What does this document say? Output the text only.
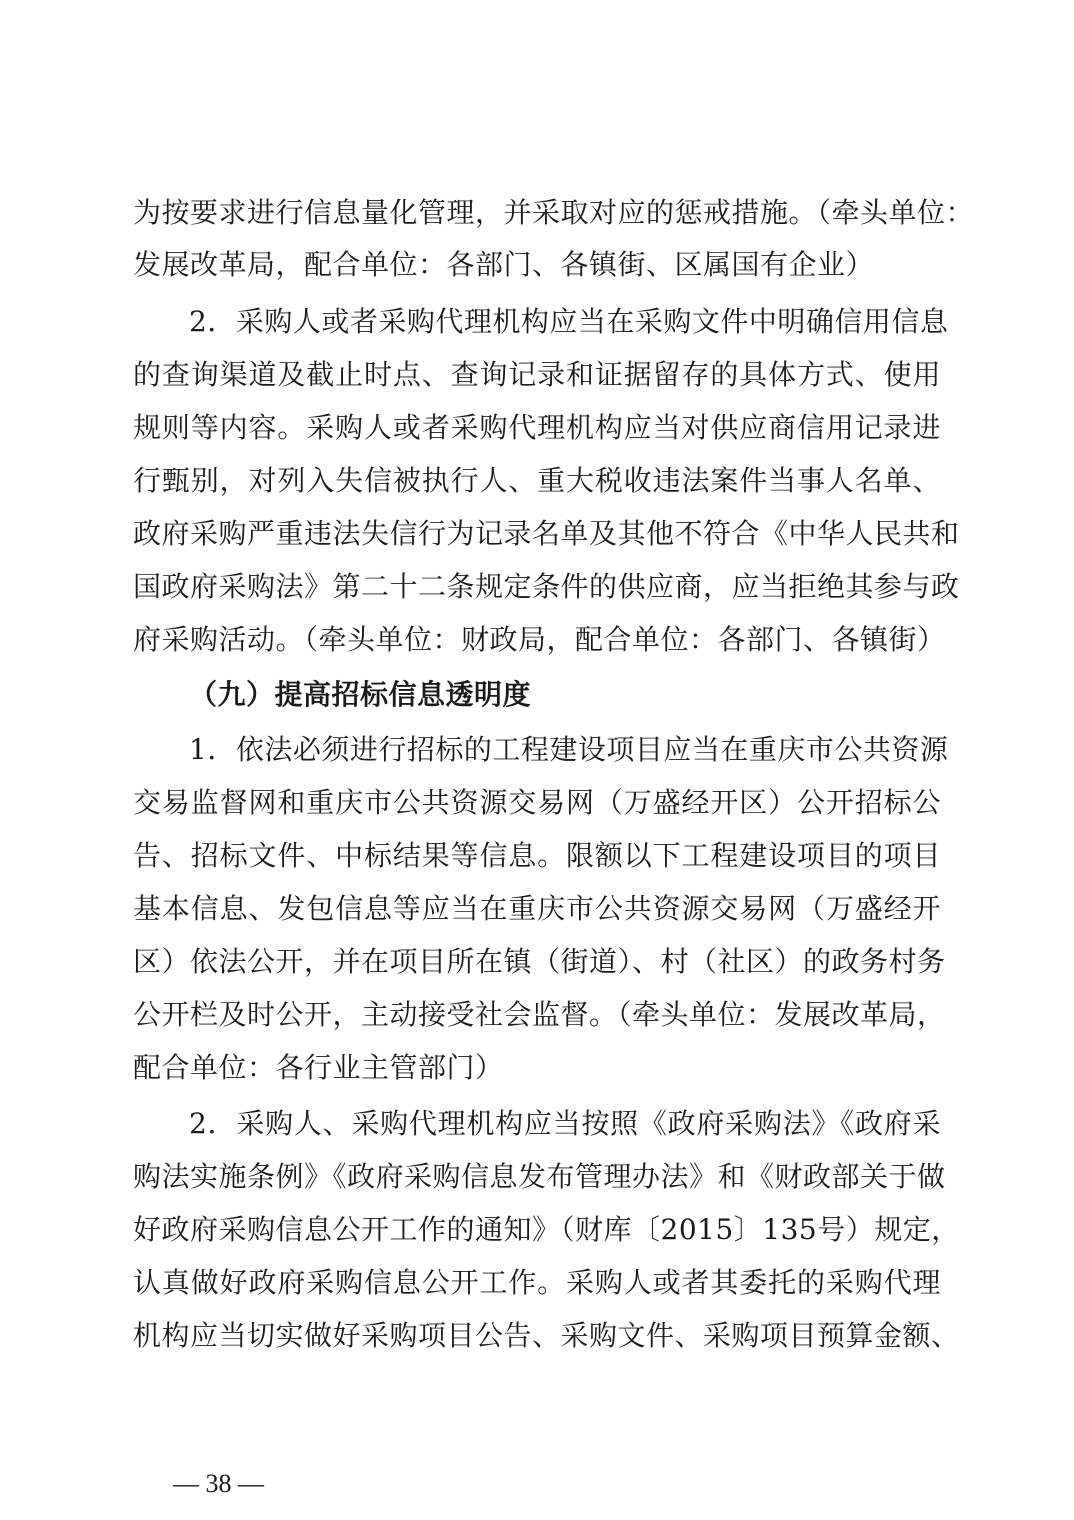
为按要求进行信息量化管理，并采取对应的惩戒措施。（牵头单位：
发展改革局，配合单位：各部门、各镇街、区属国有企业）
2．采购人或者采购代理机构应当在采购文件中明确信用信息
的查询渠道及截止时点、查询记录和证据留存的具体方式、使用
规则等内容。采购人或者采购代理机构应当对供应商信用记录进
行甄别，对列入失信被执行人、重大税收违法案件当事人名单、
政府采购严重违法失信行为记录名单及其他不符合《中华人民共和
国政府采购法》第二十二条规定条件的供应商，应当拒绝其参与政
府采购活动。（牵头单位：财政局，配合单位：各部门、各镇街）
（九）提高招标信息透明度
1．依法必须进行招标的工程建设项目应当在重庆市公共资源
交易监督网和重庆市公共资源交易网（万盛经开区）公开招标公
告、招标文件、中标结果等信息。限额以下工程建设项目的项目
基本信息、发包信息等应当在重庆市公共资源交易网（万盛经开
区）依法公开，并在项目所在镇（街道）、村（社区）的政务村务
公开栏及时公开，主动接受社会监督。（牵头单位：发展改革局，
配合单位：各行业主管部门）
2．采购人、采购代理机构应当按照《政府采购法》《政府采
购法实施条例》《政府采购信息发布管理办法》和《财政部关于做
好政府采购信息公开工作的通知》（财库〔2015〕135号）规定，
认真做好政府采购信息公开工作。采购人或者其委托的采购代理
机构应当切实做好采购项目公告、采购文件、采购项目预算金额、
— 38 —
